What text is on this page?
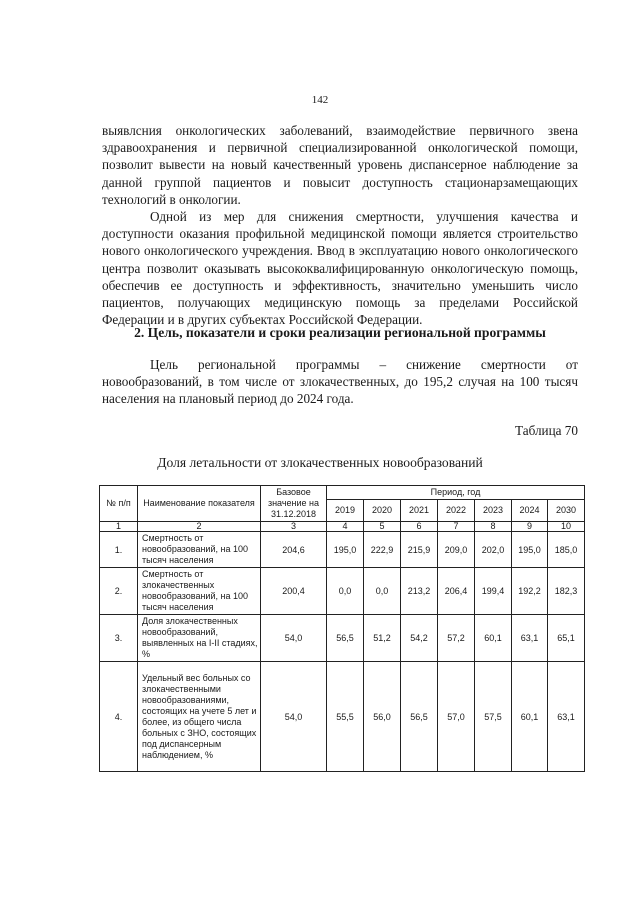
142

выявлсния онкологических заболеваний, взаимодействие первичного звена здравоохранения и первичной специализированной онкологической помощи, позволит вывести на новый качественный уровень диспансерное наблюдение за данной группой пациентов и повысит доступность стационарзамещающих технологий в онкологии.

Одной из мер для снижения смертности, улучшения качества и доступности оказания профильной медицинской помощи является строительство нового онкологического учреждения. Ввод в эксплуатацию нового онкологического центра позволит оказывать высококвалифицированную онкологическую помощь, обеспечив ее доступность и эффективность, значительно уменьшить число пациентов, получающих медицинскую помощь за пределами Российской Федерации и в других субъектах Российской Федерации.

2. Цель, показатели и сроки реализации региональной программы

Цель региональной программы – снижение смертности от новообразований, в том числе от злокачественных, до 195,2 случая на 100 тысяч населения на плановый период до 2024 года.

Таблица 70
Доля летальности от злокачественных новообразований
№ п/п	Наименование показателя	Базовое значение на 31.12.2018	Период, год						
			2019	2020	2021	2022	2023	2024	2030
1	2	3	4	5	6	7	8	9	10
1.	Смертность от новообразований, на 100 тысяч населения	204,6	195,0	222,9	215,9	209,0	202,0	195,0	185,0
2.	Смертность от злокачественных новообразований, на 100 тысяч населения	200,4	0,0	0,0	213,2	206,4	199,4	192,2	182,3
3.	Доля злокачественных новообразований, выявленных на I-II стадиях, %	54,0	56,5	51,2	54,2	57,2	60,1	63,1	65,1
4.	Удельный вес больных со злокачественными новообразованиями, состоящих на учете 5 лет и более, из общего числа больных с ЗНО, состоящих под диспансерным наблюдением, %	54,0	55,5	56,0	56,5	57,0	57,5	60,1	63,1
